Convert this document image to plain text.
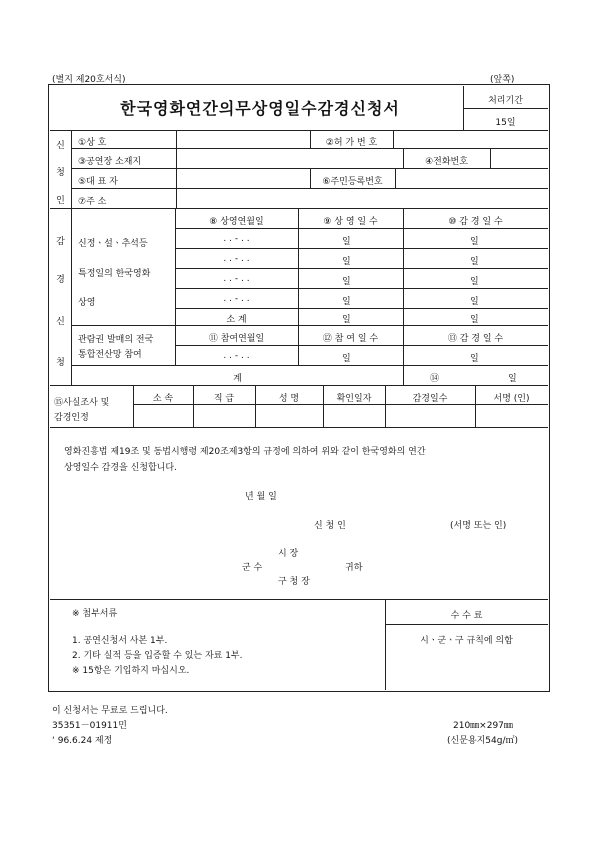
(별지 제20호서식)	(앞쪽)
한국영화연간의무상영일수감경신청서	처리기간
15일
신
청
인
①상 호	②허 가 번 호
③공연장 소재지	④전화번호
⑤대 표 자	⑥주민등록번호
⑦주 소
감
경
신
청
⑧ 상영연월일	⑨ 상 영 일 수	⑩ 감 경 일 수
신정ㆍ설ㆍ추석등
특정일의 한국영화
상영
. . - . .	일	일
. . - . .	일	일
. . - . .	일	일
. . - . .	일	일
소 계	일	일
관람권 발매의 전국
통합전산망 참여
⑪ 참여연월일	⑫ 참 여 일 수	⑬ 감 경 일 수
. . - . .	일	일
계	⑭	일
⑮사실조사 및
감경인정
소 속	직 급	성 명	확인일자	감경일수	서명 (인)
영화진흥법 제19조 및 동법시행령 제20조제3항의 규정에 의하여 위와 같이 한국영화의 연간
상영일수 감경을 신청합니다.
년 월 일
신 청 인	(서명 또는 인)
시 장
군 수	귀하
구 청 장
※ 첨부서류
1. 공연신청서 사본 1부.
2. 기타 실적 등을 입증할 수 있는 자료 1부.
※ 15항은 기입하지 마십시오.
수 수 료
시ㆍ군ㆍ구 규칙에 의함
이 신청서는 무료로 드립니다.
35351－01911민
‘ 96.6.24 제정
210㎜×297㎜
(신문용지54g/㎡)
